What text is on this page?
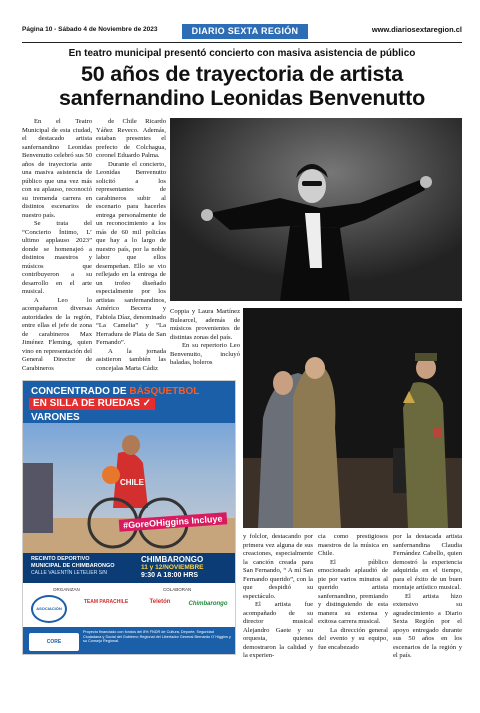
Página 10 - Sábado 4 de Noviembre de 2023	DIARIO SEXTA REGIÓN	www.diariosextaregion.cl
En teatro municipal presentó concierto con masiva asistencia de público
50 años de trayectoria de artista sanfernandino Leonidas Benvenutto

En el Teatro Municipal de esta ciudad, el destacado artista sanfernandino Leonidas Benvenutto celebró sus 50 años de trayectoria ante una masiva asistencia de público que una vez más con su aplauso, reconoció su tremenda carrera en distintos escenarios de nuestro país.

Se trata del “Concierto Íntimo, L’ ultimo applauso 2023” donde se homenajeó a distintos maestros y músicos que contribuyeron a su desarrollo en el arte musical.

A Leo lo acompañaron diversas autoridades de la región, entre ellas el jefe de zona de carabineros Max Jiménez Fleming, quien vino en representación del General Director de Carabineros

de Chile Ricardo Yáñez Reveco. Además, estaban presentes el prefecto de Colchagua, coronel Eduardo Palma.

Durante el concierto, Leonidas Benvenutto solicitó a los representantes de carabineros subir al escenario para hacerles entrega personalmente de un reconocimiento a los más de 60 mil policías que hay a lo largo de nuestro país, por la noble labor que ellos desempeñan. Ello se vio reflejado en la entrega de un trofeo diseñado especialmente por los artistas sanfernandinos, Américo Becerra y Fabiola Díaz, denominado “La Camelia” y “La Herradura de Plata de San Fernando”.

A la jornada asistieron también las concejalas Marta Cádiz

Coppia y Laura Martínez Bulearcel, además de músicos provenientes de distintas zonas del país.

En su repertorio Leo Benvenutto, incluyó baladas, boleros

y folclor, destacando por primera vez alguna de sus creaciones, especialmente la canción creada para San Fernando, “ A mí San Fernando querido”, con la que despidió su espectáculo.

El artista fue acompañado de su director musical Alejandro Gaete y su orquesta, quienes demostraron la calidad y la experien-

cia como prestigiosos maestros de la música en Chile.

El público emocionado aplaudió de pie por varios minutos al querido artista sanfernandino, premiando y distinguiendo de esta manera su extensa y exitosa carrera musical.

La dirección general del evento y su equipo, fue encabezado

por la destacada artista sanfernandina Claudia Fernández Cabello, quien demostró la experiencia adquirida en el tiempo, para el éxito de un buen montaje artístico musical.

El artista hizo extensivo su agradecimiento a Diario Sexta Región por el apoyo entregado durante sus 50 años en los escenarios de la región y el país.

CONCENTRADO DE BÁSQUETBOL
EN SILLA DE RUEDAS ✓
VARONES
CHILE
#GoreOHiggins Incluye
RECINTO DEPORTIVO
MUNICIPAL DE CHIMBARONGO
CALLE VALENTÍN LETELIER S/N
CHIMBARONGO
11 y 12/NOVIEMBRE
9:30 A 18:00 HRS
ORGANIZAN	COLABORAN
ASOCIACIÓN
TEAM PARACHILE	Teletón	Chimbarongo
CORE
Proyecto financiado con fondos del 8% FNDR de Cultura, Deporte, Seguridad Ciudadana y Social del Gobierno Regional del Libertador General Bernardo O´Higgins y su Consejo Regional.
